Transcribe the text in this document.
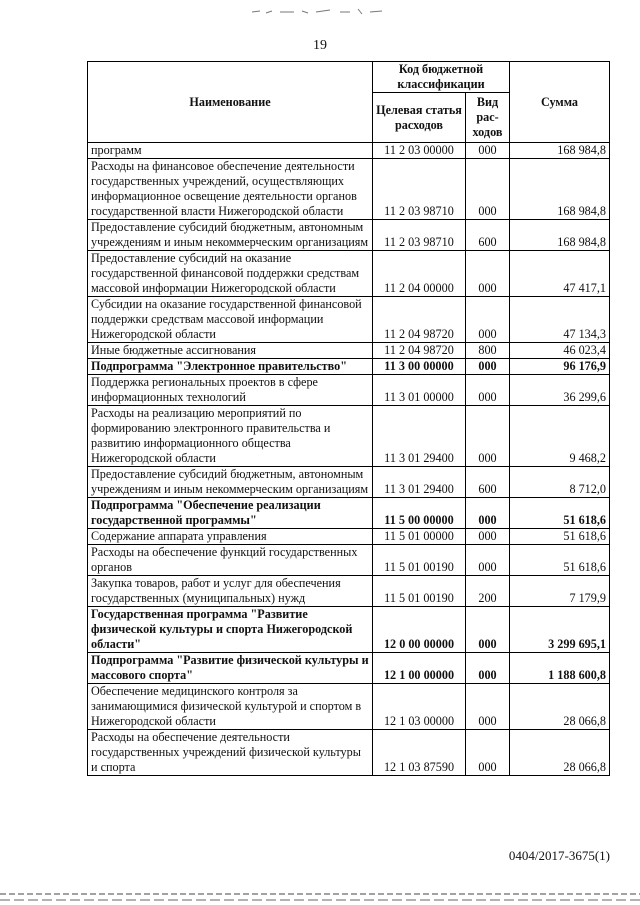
19
Наименование	Код бюджетной классификации		Сумма
	Целевая статья расходов	Вид рас-ходов	
программ	11 2 03 00000	000	168 984,8
Расходы на финансовое обеспечение деятельности государственных учреждений, осуществляющих информационное освещение деятельности органов государственной власти Нижегородской области	11 2 03 98710	000	168 984,8
Предоставление субсидий бюджетным, автономным учреждениям и иным некоммерческим организациям	11 2 03 98710	600	168 984,8
Предоставление субсидий на оказание государственной финансовой поддержки средствам массовой информации Нижегородской области	11 2 04 00000	000	47 417,1
Субсидии на оказание государственной финансовой поддержки средствам массовой информации Нижегородской области	11 2 04 98720	000	47 134,3
Иные бюджетные ассигнования	11 2 04 98720	800	46 023,4
Подпрограмма "Электронное правительство"	11 3 00 00000	000	96 176,9
Поддержка региональных проектов в сфере информационных технологий	11 3 01 00000	000	36 299,6
Расходы на реализацию мероприятий по формированию электронного правительства и развитию информационного общества Нижегородской области	11 3 01 29400	000	9 468,2
Предоставление субсидий бюджетным, автономным учреждениям и иным некоммерческим организациям	11 3 01 29400	600	8 712,0
Подпрограмма "Обеспечение реализации государственной программы"	11 5 00 00000	000	51 618,6
Содержание аппарата управления	11 5 01 00000	000	51 618,6
Расходы на обеспечение функций государственных органов	11 5 01 00190	000	51 618,6
Закупка товаров, работ и услуг для обеспечения государственных (муниципальных) нужд	11 5 01 00190	200	7 179,9
Государственная программа "Развитие физической культуры и спорта Нижегородской области"	12 0 00 00000	000	3 299 695,1
Подпрограмма "Развитие физической культуры и массового спорта"	12 1 00 00000	000	1 188 600,8
Обеспечение медицинского контроля за занимающимися физической культурой и спортом в Нижегородской области	12 1 03 00000	000	28 066,8
Расходы на обеспечение деятельности государственных учреждений физической культуры и спорта	12 1 03 87590	000	28 066,8
0404/2017-3675(1)
